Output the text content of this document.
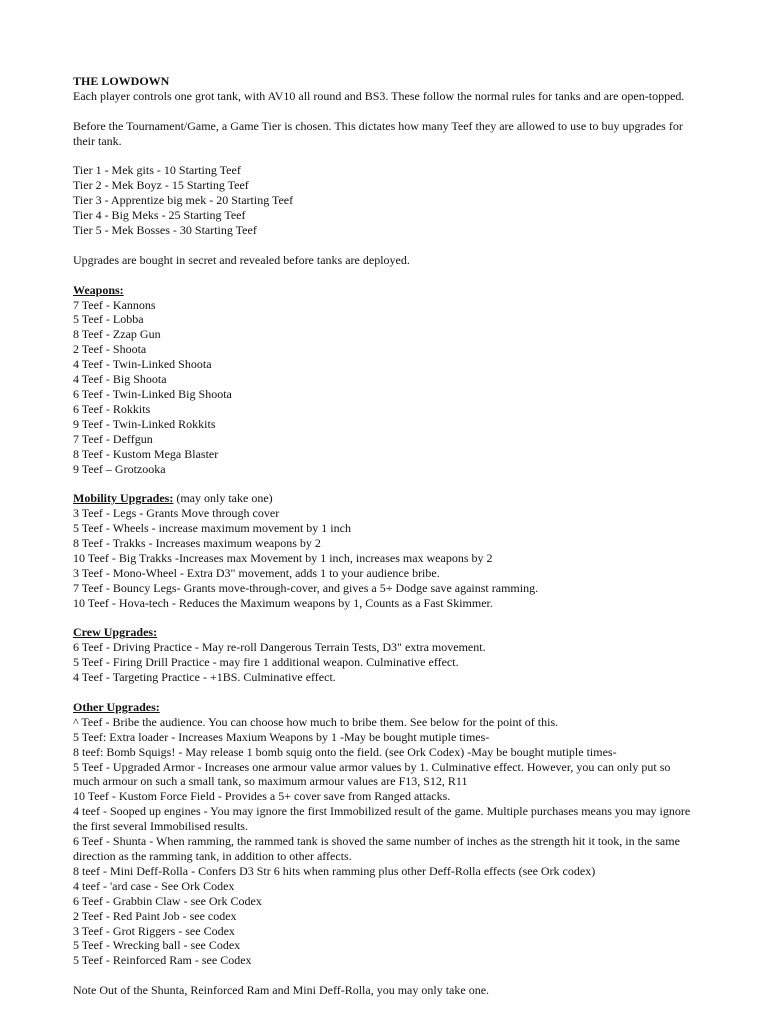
THE LOWDOWN
Each player controls one grot tank, with AV10 all round and BS3. These follow the normal rules for tanks and are open-topped.
Before the Tournament/Game, a Game Tier is chosen. This dictates how many Teef they are allowed to use to buy upgrades for their tank.
Tier 1 - Mek gits - 10 Starting Teef
Tier 2 - Mek Boyz - 15 Starting Teef
Tier 3 - Apprentize big mek - 20 Starting Teef
Tier 4 - Big Meks - 25 Starting Teef
Tier 5 - Mek Bosses - 30 Starting Teef
Upgrades are bought in secret and revealed before tanks are deployed.
Weapons:
7 Teef - Kannons
5 Teef - Lobba
8 Teef - Zzap Gun
2 Teef - Shoota
4 Teef - Twin-Linked Shoota
4 Teef - Big Shoota
6 Teef - Twin-Linked Big Shoota
6 Teef - Rokkits
9 Teef - Twin-Linked Rokkits
7 Teef - Deffgun
8 Teef - Kustom Mega Blaster
9 Teef – Grotzooka
Mobility Upgrades: (may only take one)
3 Teef - Legs - Grants Move through cover
5 Teef - Wheels - increase maximum movement by 1 inch
8 Teef - Trakks - Increases maximum weapons by 2
10 Teef - Big Trakks -Increases max Movement by 1 inch, increases max weapons by 2
3 Teef - Mono-Wheel - Extra D3" movement, adds 1 to your audience bribe.
7 Teef - Bouncy Legs- Grants move-through-cover, and gives a 5+ Dodge save against ramming.
10 Teef - Hova-tech - Reduces the Maximum weapons by 1, Counts as a Fast Skimmer.
Crew Upgrades:
6 Teef - Driving Practice - May re-roll Dangerous Terrain Tests, D3" extra movement.
5 Teef - Firing Drill Practice - may fire 1 additional weapon. Culminative effect.
4 Teef - Targeting Practice - +1BS. Culminative effect.
Other Upgrades:
^ Teef - Bribe the audience. You can choose how much to bribe them. See below for the point of this.
5 Teef: Extra loader - Increases Maxium Weapons by 1 -May be bought mutiple times-
8 teef: Bomb Squigs! - May release 1 bomb squig onto the field. (see Ork Codex) -May be bought mutiple times-
5 Teef - Upgraded Armor - Increases one armour value armor values by 1. Culminative effect. However, you can only put so much armour on such a small tank, so maximum armour values are F13, S12, R11
10 Teef - Kustom Force Field - Provides a 5+ cover save from Ranged attacks.
4 teef - Sooped up engines - You may ignore the first Immobilized result of the game. Multiple purchases means you may ignore the first several Immobilised results.
6 Teef - Shunta - When ramming, the rammed tank is shoved the same number of inches as the strength hit it took, in the same direction as the ramming tank, in addition to other affects.
8 teef - Mini Deff-Rolla - Confers D3 Str 6 hits when ramming plus other Deff-Rolla effects (see Ork codex)
4 teef - 'ard case - See Ork Codex
6 Teef - Grabbin Claw - see Ork Codex
2 Teef - Red Paint Job - see codex
3 Teef - Grot Riggers - see Codex
5 Teef - Wrecking ball - see Codex
5 Teef - Reinforced Ram - see Codex
Note Out of the Shunta, Reinforced Ram and Mini Deff-Rolla, you may only take one.
